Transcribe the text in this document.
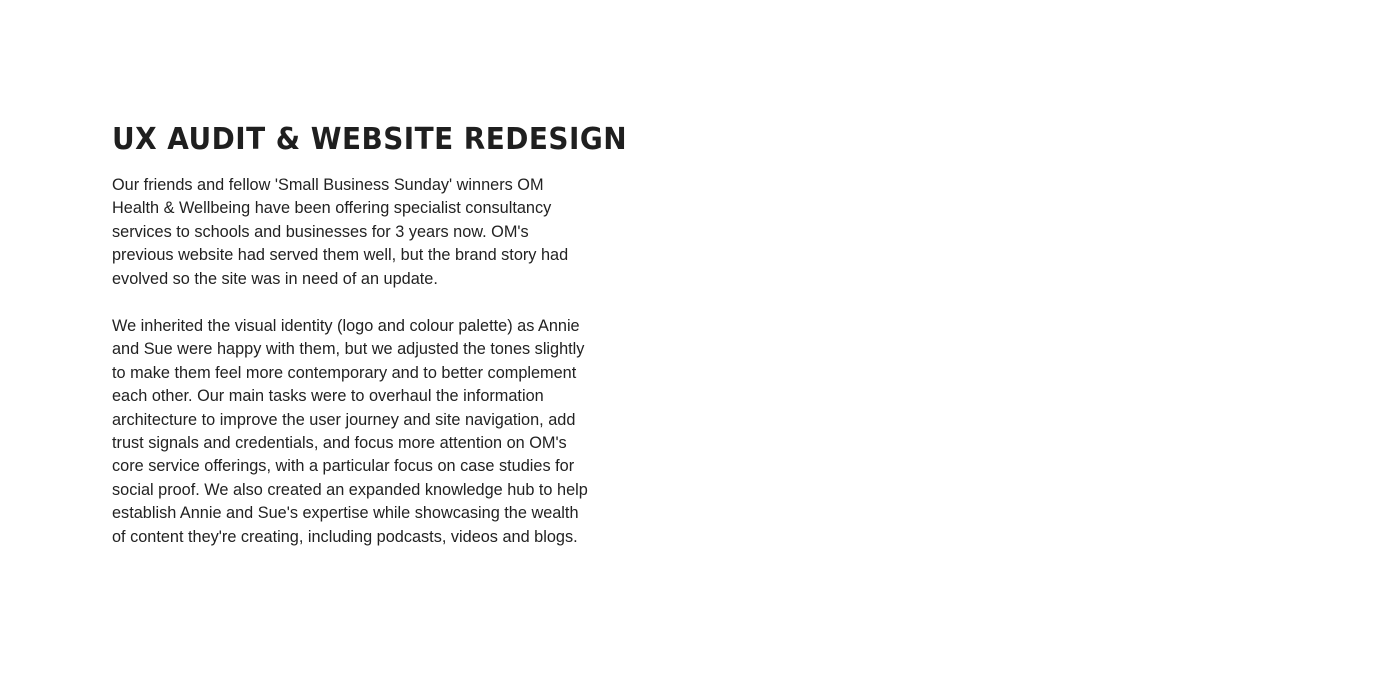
UX AUDIT & WEBSITE REDESIGN

Our friends and fellow 'Small Business Sunday' winners OM Health & Wellbeing have been offering specialist consultancy services to schools and businesses for 3 years now. OM's previous website had served them well, but the brand story had evolved so the site was in need of an update.

We inherited the visual identity (logo and colour palette) as Annie and Sue were happy with them, but we adjusted the tones slightly to make them feel more contemporary and to better complement each other. Our main tasks were to overhaul the information architecture to improve the user journey and site navigation, add trust signals and credentials, and focus more attention on OM's core service offerings, with a particular focus on case studies for social proof. We also created an expanded knowledge hub to help establish Annie and Sue's expertise while showcasing the wealth of content they're creating, including podcasts, videos and blogs.
